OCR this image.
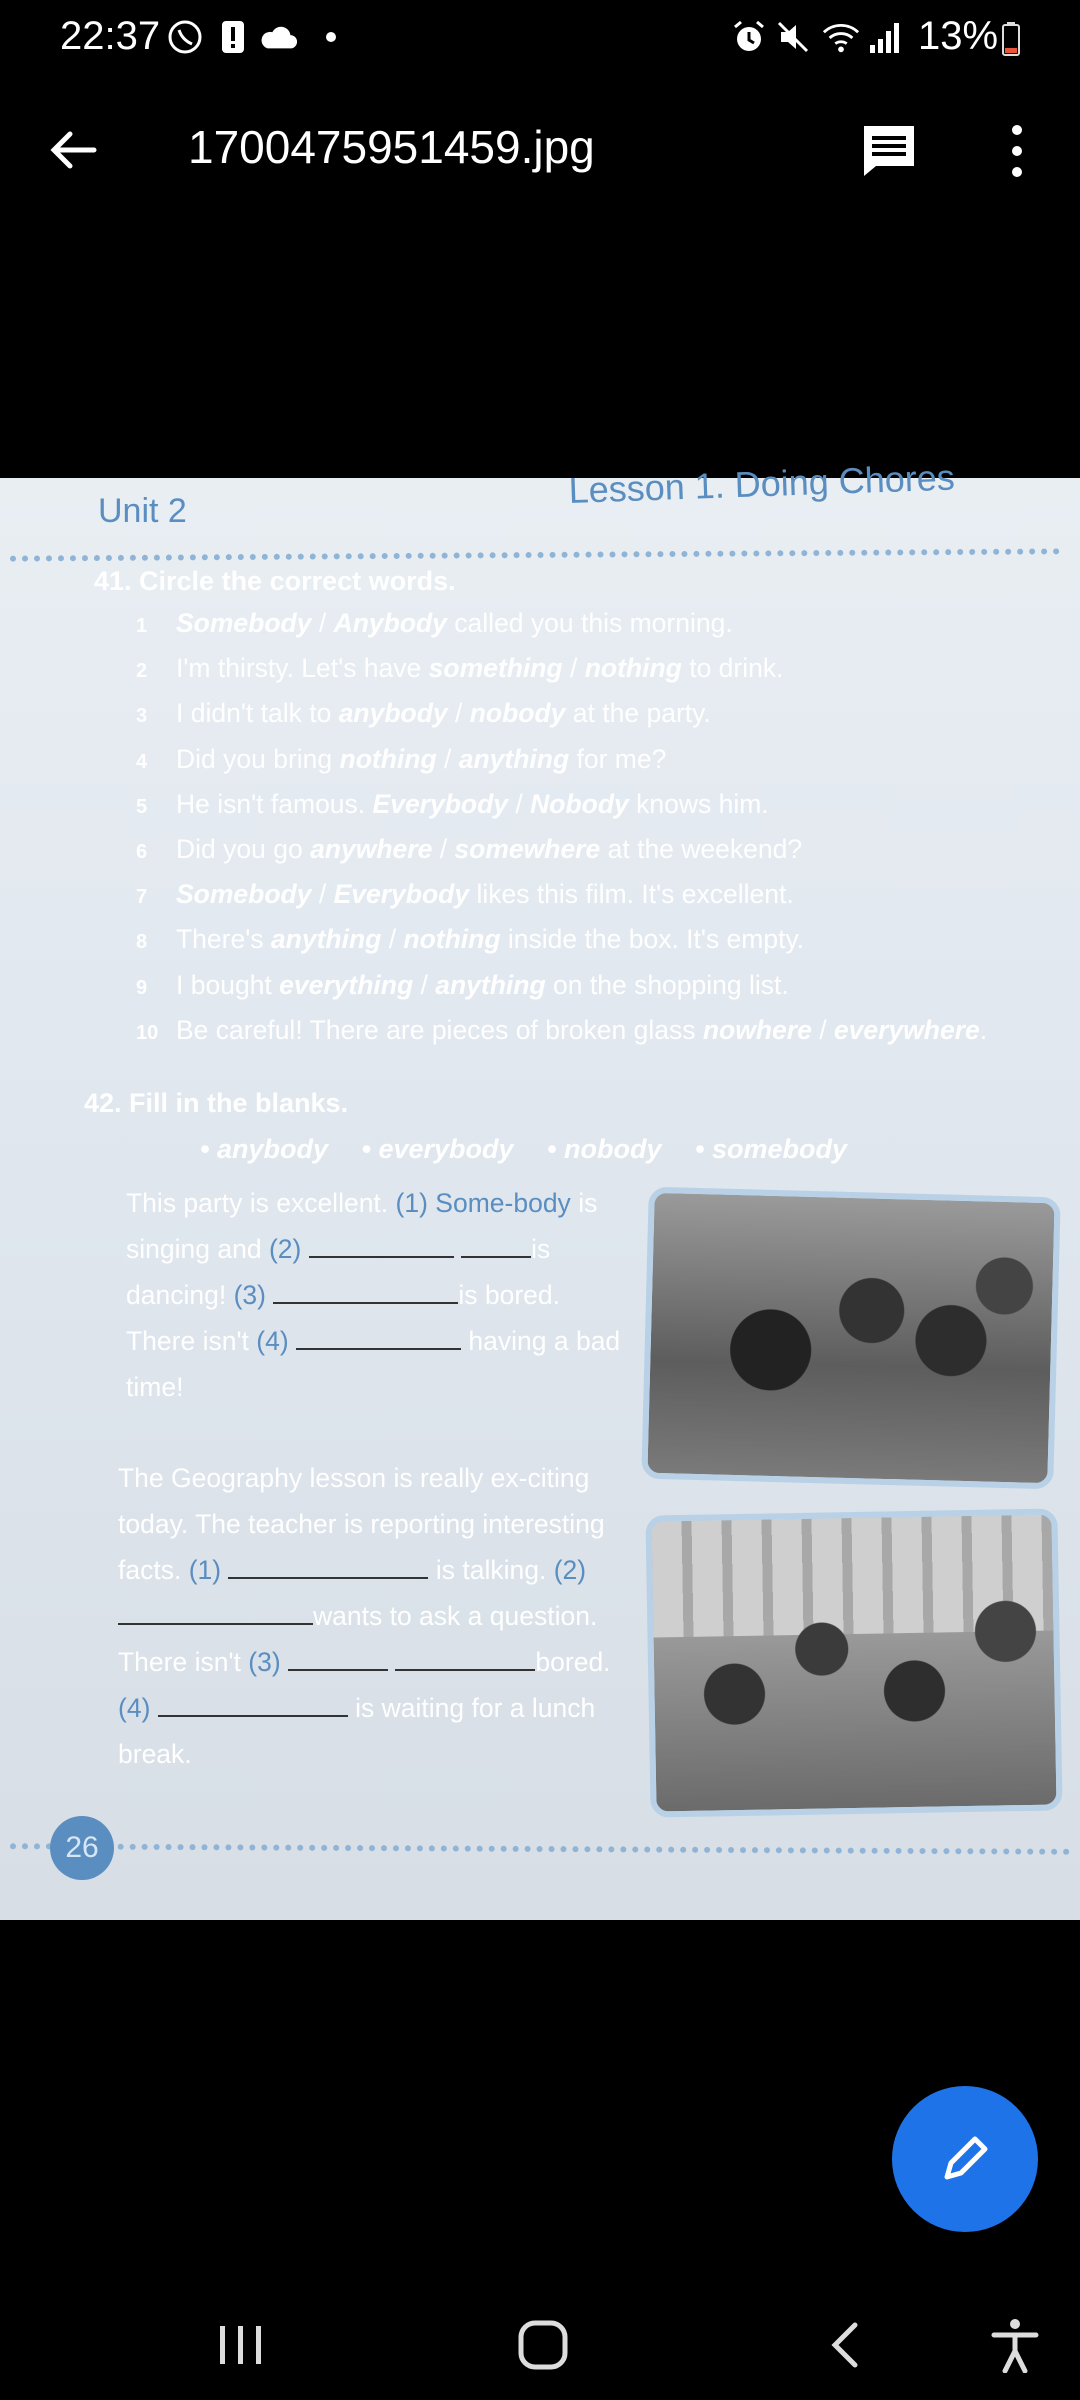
22:37	13%
1700475951459.jpg
Unit 2
Lesson 1. Doing Chores
41. Circle the correct words.
1 Somebody / Anybody called you this morning.
2 I'm thirsty. Let's have something / nothing to drink.
3 I didn't talk to anybody / nobody at the party.
4 Did you bring nothing / anything for me?
5 He isn't famous. Everybody / Nobody knows him.
6 Did you go anywhere / somewhere at the weekend?
7 Somebody / Everybody likes this film. It's excellent.
8 There's anything / nothing inside the box. It's empty.
9 I bought everything / anything on the shopping list.
10 Be careful! There are pieces of broken glass nowhere / everywhere.
42. Fill in the blanks.
• anybody • everybody • nobody • somebody
This party is excellent. (1) Some-body is singing and (2)	is dancing! (3)	is bored. There isn't (4)	having a bad time!
The Geography lesson is really ex-citing today. The teacher is reporting interesting facts. (1)	is talking. (2) wants to ask a question. There isn't (3)	bored. (4)	is waiting for a lunch break.
26
